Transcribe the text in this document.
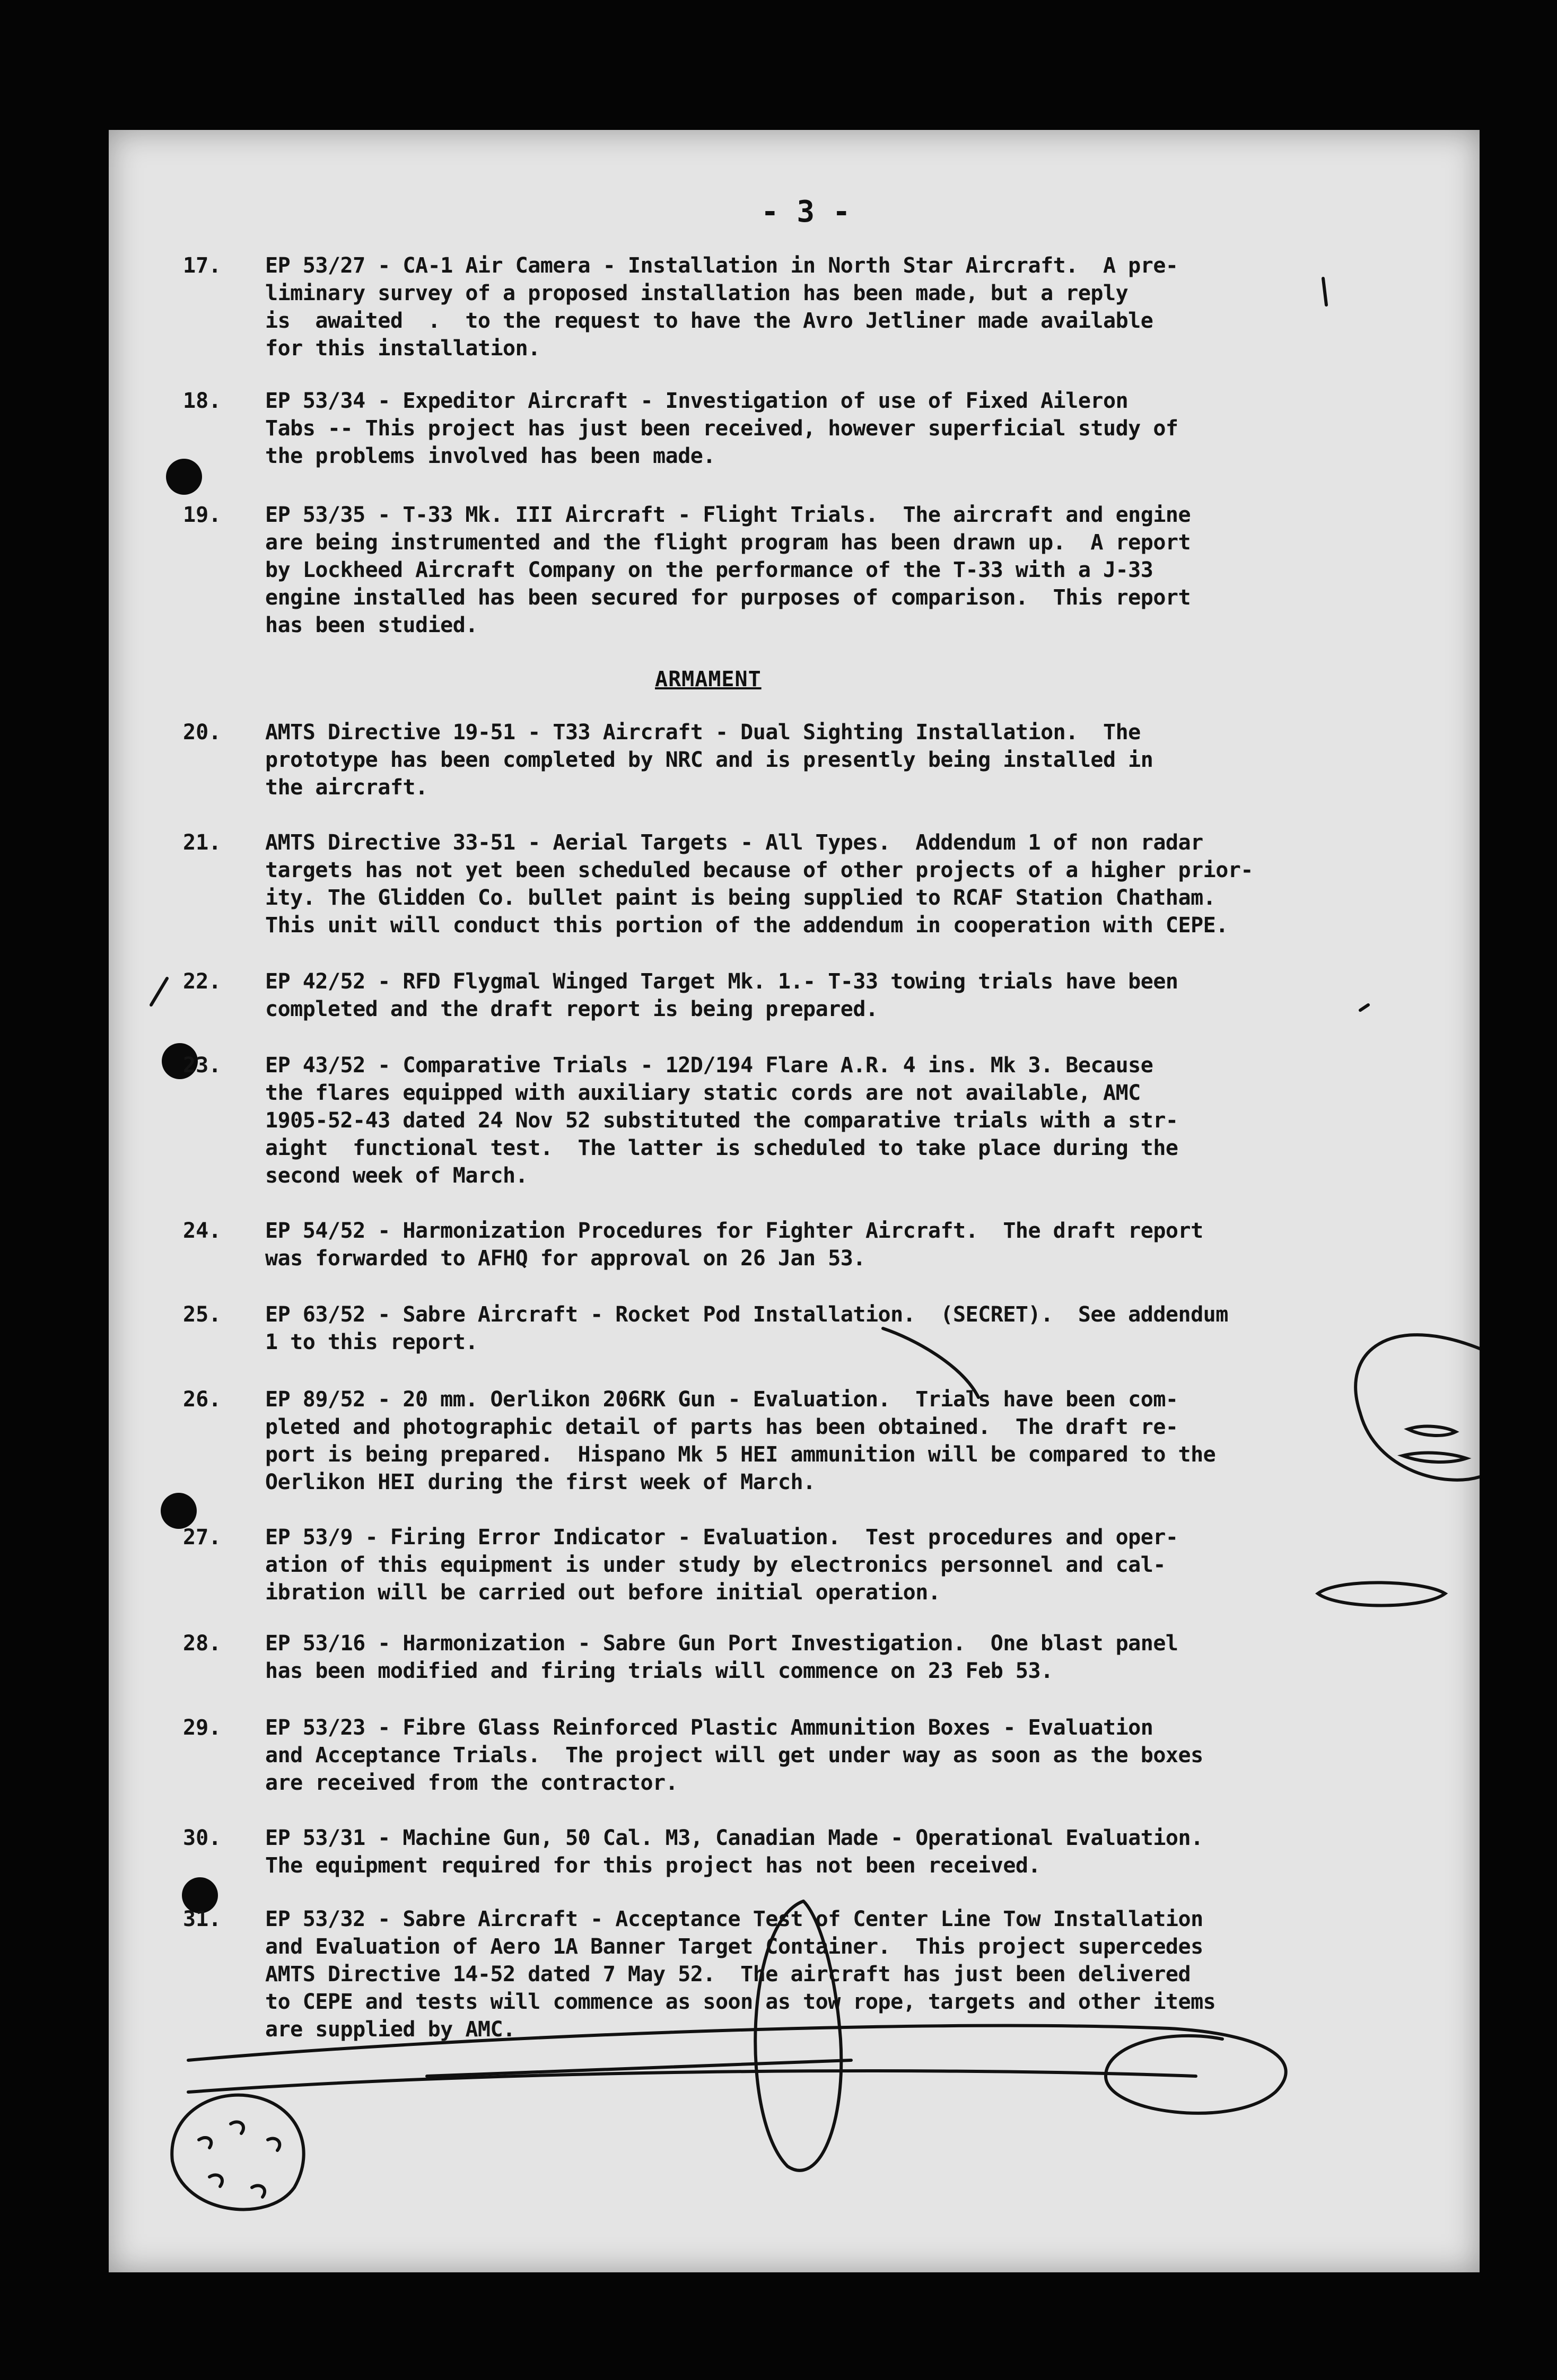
- 3 -
17.	EP 53/27 - CA-1 Air Camera - Installation in North Star Aircraft.  A pre-
liminary survey of a proposed installation has been made, but a reply
is  awaited  .  to the request to have the Avro Jetliner made available
for this installation.
18.	EP 53/34 - Expeditor Aircraft - Investigation of use of Fixed Aileron
Tabs -- This project has just been received, however superficial study of
the problems involved has been made.
19.	EP 53/35 - T-33 Mk. III Aircraft - Flight Trials.  The aircraft and engine
are being instrumented and the flight program has been drawn up.  A report
by Lockheed Aircraft Company on the performance of the T-33 with a J-33
engine installed has been secured for purposes of comparison.  This report
has been studied.
ARMAMENT
20.	AMTS Directive 19-51 - T33 Aircraft - Dual Sighting Installation.  The
prototype has been completed by NRC and is presently being installed in
the aircraft.
21.	AMTS Directive 33-51 - Aerial Targets - All Types.  Addendum 1 of non radar
targets has not yet been scheduled because of other projects of a higher prior-
ity. The Glidden Co. bullet paint is being supplied to RCAF Station Chatham.
This unit will conduct this portion of the addendum in cooperation with CEPE.
22.	EP 42/52 - RFD Flygmal Winged Target Mk. 1.- T-33 towing trials have been
completed and the draft report is being prepared.
23.	EP 43/52 - Comparative Trials - 12D/194 Flare A.R. 4 ins. Mk 3. Because
the flares equipped with auxiliary static cords are not available, AMC
1905-52-43 dated 24 Nov 52 substituted the comparative trials with a str-
aight  functional test.  The latter is scheduled to take place during the
second week of March.
24.	EP 54/52 - Harmonization Procedures for Fighter Aircraft.  The draft report
was forwarded to AFHQ for approval on 26 Jan 53.
25.	EP 63/52 - Sabre Aircraft - Rocket Pod Installation.  (SECRET).  See addendum
1 to this report.
26.	EP 89/52 - 20 mm. Oerlikon 206RK Gun - Evaluation.  Trials have been com-
pleted and photographic detail of parts has been obtained.  The draft re-
port is being prepared.  Hispano Mk 5 HEI ammunition will be compared to the
Oerlikon HEI during the first week of March.
27.	EP 53/9 - Firing Error Indicator - Evaluation.  Test procedures and oper-
ation of this equipment is under study by electronics personnel and cal-
ibration will be carried out before initial operation.
28.	EP 53/16 - Harmonization - Sabre Gun Port Investigation.  One blast panel
has been modified and firing trials will commence on 23 Feb 53.
29.	EP 53/23 - Fibre Glass Reinforced Plastic Ammunition Boxes - Evaluation
and Acceptance Trials.  The project will get under way as soon as the boxes
are received from the contractor.
30.	EP 53/31 - Machine Gun, 50 Cal. M3, Canadian Made - Operational Evaluation.
The equipment required for this project has not been received.
31.	EP 53/32 - Sabre Aircraft - Acceptance Test of Center Line Tow Installation
and Evaluation of Aero 1A Banner Target Container.  This project supercedes
AMTS Directive 14-52 dated 7 May 52.  The aircraft has just been delivered
to CEPE and tests will commence as soon as tow rope, targets and other items
are supplied by AMC.
